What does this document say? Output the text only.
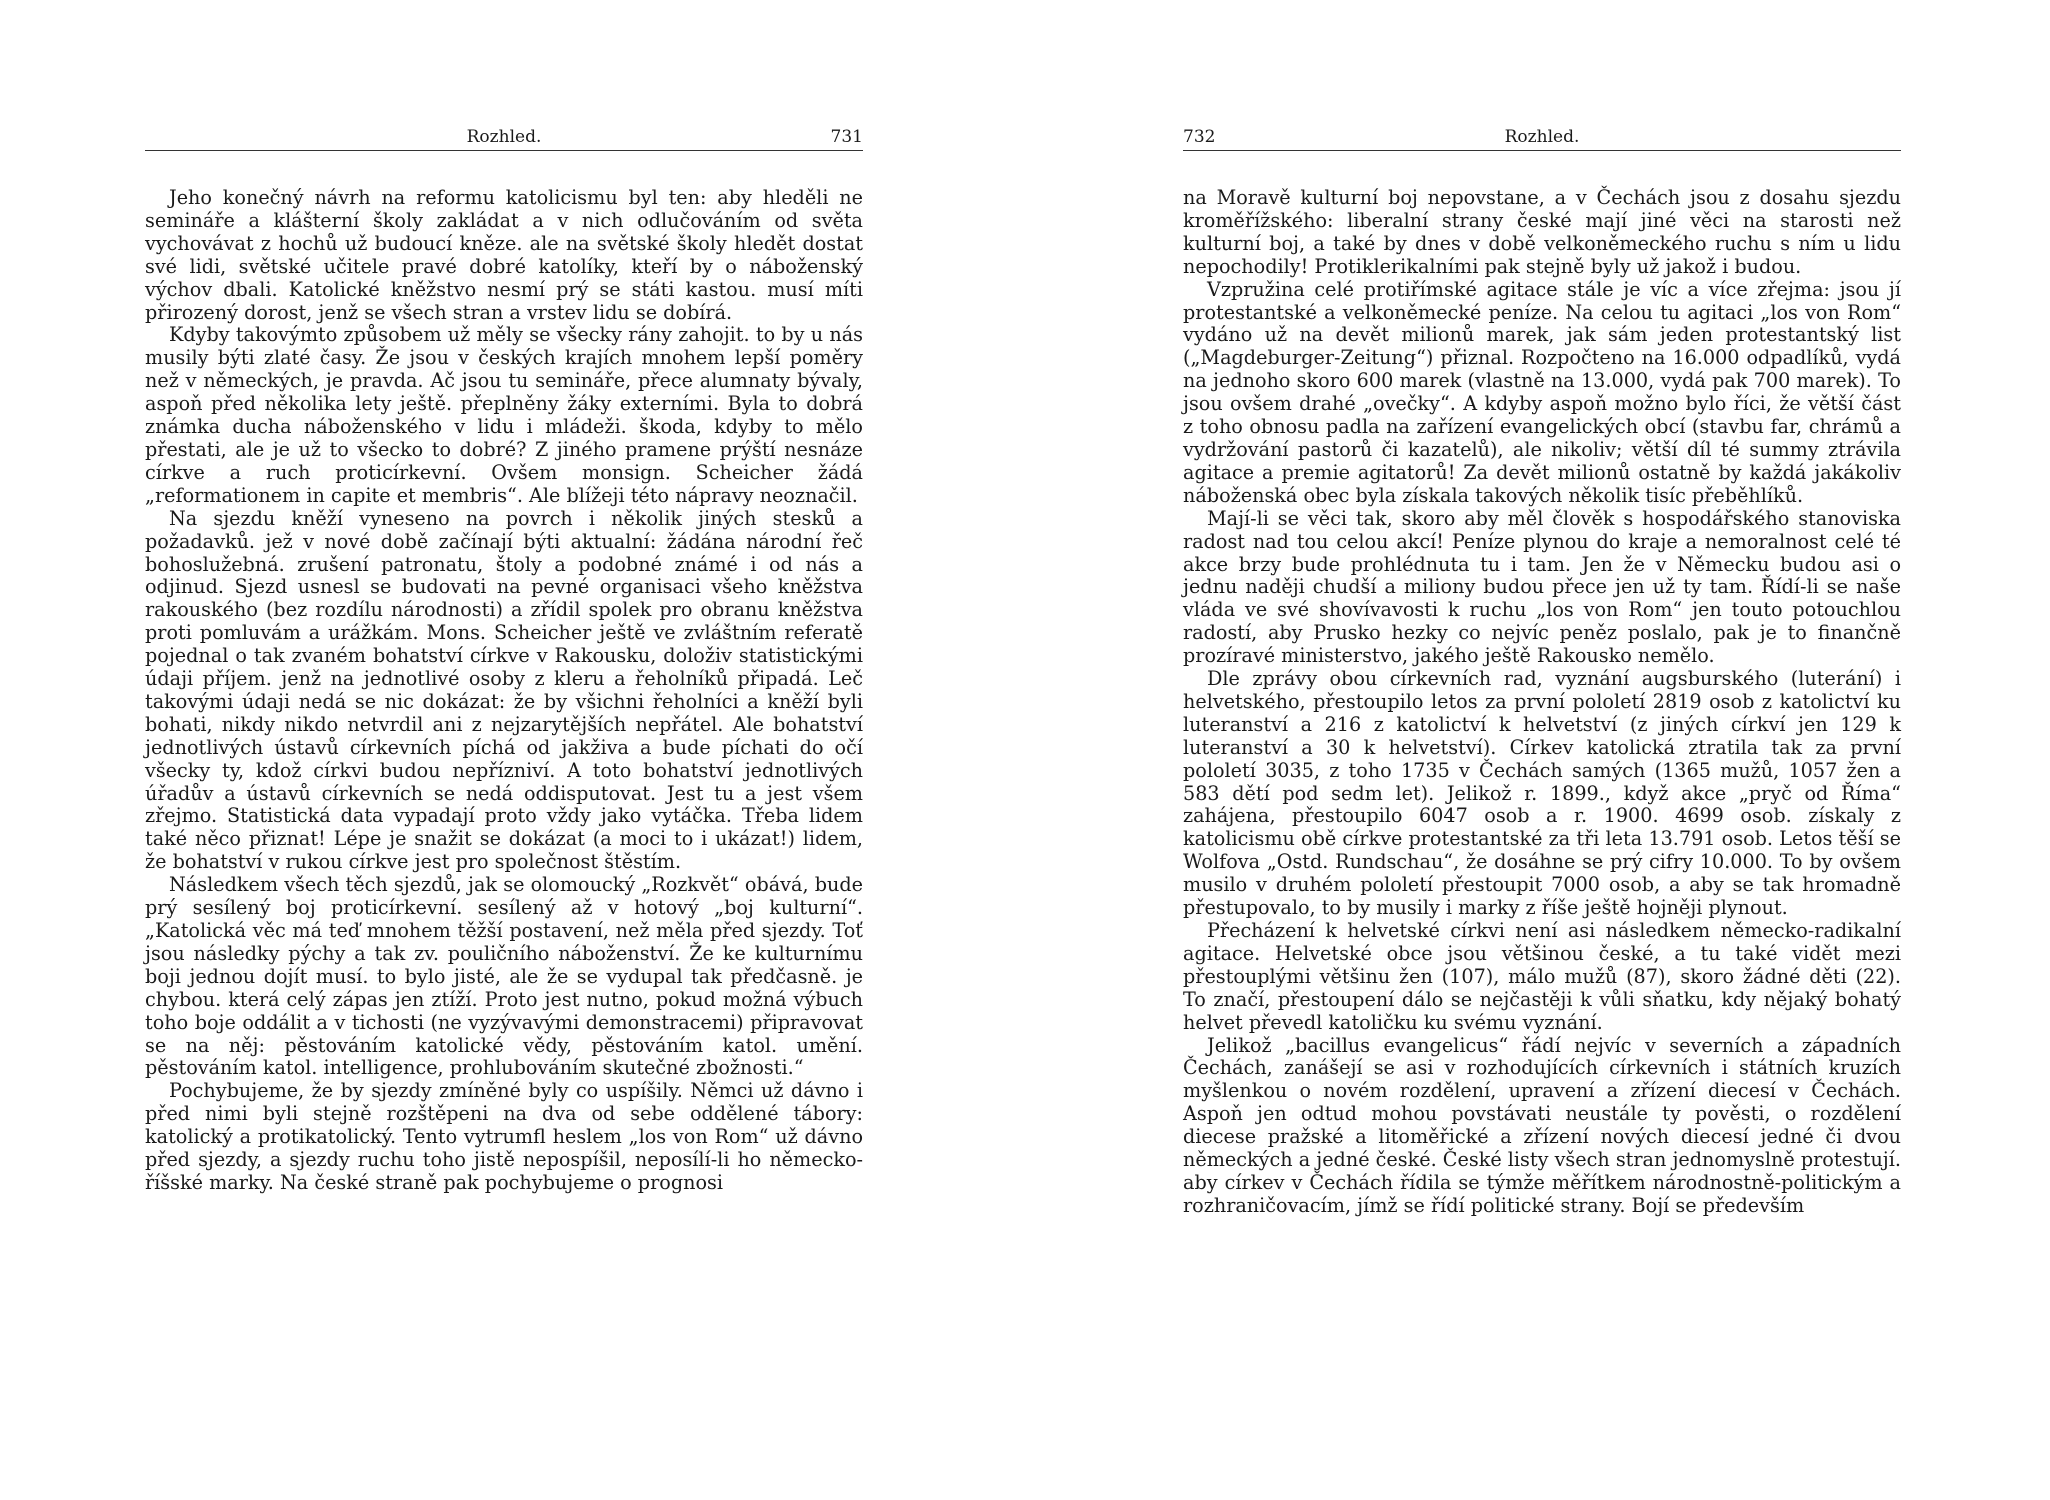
Rozhled.	731

Jeho konečný návrh na reformu katolicismu byl ten: aby hleděli ne semináře a klášterní školy zakládat a v nich odlučováním od světa vychovávat z hochů už budoucí kněze. ale na světské školy hledět dostat své lidi, světské učitele pravé dobré katolíky, kteří by o náboženský výchov dbali. Katolické kněžstvo nesmí prý se státi kastou. musí míti přirozený dorost, jenž se všech stran a vrstev lidu se dobírá.

Kdyby takovýmto způsobem už měly se všecky rány zahojit. to by u nás musily býti zlaté časy. Že jsou v českých krajích mnohem lepší poměry než v německých, je pravda. Ač jsou tu semináře, přece alumnaty bývaly, aspoň před několika lety ještě. přeplněny žáky externími. Byla to dobrá známka ducha náboženského v lidu i mládeži. škoda, kdyby to mělo přestati, ale je už to všecko to dobré? Z jiného pramene prýští nesnáze církve a ruch proticírkevní. Ovšem monsign. Scheicher žádá „reformationem in capite et membris“. Ale blížeji této nápravy neoznačil.

Na sjezdu kněží vyneseno na povrch i několik jiných stesků a požadavků. jež v nové době začínají býti aktualní: žádána národní řeč bohoslužebná. zrušení patronatu, štoly a podobné známé i od nás a odjinud. Sjezd usnesl se budovati na pevné organisaci všeho kněžstva rakouského (bez rozdílu národnosti) a zřídil spolek pro obranu kněžstva proti pomluvám a urážkám. Mons. Scheicher ještě ve zvláštním referatě pojednal o tak zvaném bohatství církve v Rakousku, doloživ statistickými údaji příjem. jenž na jednotlivé osoby z kleru a řeholníků připadá. Leč takovými údaji nedá se nic dokázat: že by všichni řeholníci a kněží byli bohati, nikdy nikdo netvrdil ani z nejzarytějších nepřátel. Ale bohatství jednotlivých ústavů církevních píchá od jakživa a bude píchati do očí všecky ty, kdož církvi budou nepřízniví. A toto bohatství jednotlivých úřadův a ústavů církevních se nedá oddisputovat. Jest tu a jest všem zřejmo. Statistická data vypadají proto vždy jako vytáčka. Třeba lidem také něco přiznat! Lépe je snažit se dokázat (a moci to i ukázat!) lidem, že bohatství v rukou církve jest pro společnost štěstím.

Následkem všech těch sjezdů, jak se olomoucký „Rozkvět“ obává, bude prý sesílený boj proticírkevní. sesílený až v hotový „boj kulturní“. „Katolická věc má teď mnohem těžší postavení, než měla před sjezdy. Toť jsou následky pýchy a tak zv. pouličního náboženství. Že ke kulturnímu boji jednou dojít musí. to bylo jisté, ale že se vydupal tak předčasně. je chybou. která celý zápas jen ztíží. Proto jest nutno, pokud možná výbuch toho boje oddálit a v tichosti (ne vyzývavými demonstracemi) připravovat se na něj: pěstováním katolické vědy, pěstováním katol. umění. pěstováním katol. intelligence, prohlubováním skutečné zbožnosti.“

Pochybujeme, že by sjezdy zmíněné byly co uspíšily. Němci už dávno i před nimi byli stejně rozštěpeni na dva od sebe oddělené tábory: katolický a protikatolický. Tento vytrumfl heslem „los von Rom“ už dávno před sjezdy, a sjezdy ruchu toho jistě nepospíšil, neposílí-li ho německo-říšské marky. Na české straně pak pochybujeme o prognosi

732	Rozhled.

na Moravě kulturní boj nepovstane, a v Čechách jsou z dosahu sjezdu kroměřížského: liberalní strany české mají jiné věci na starosti než kulturní boj, a také by dnes v době velkoněmeckého ruchu s ním u lidu nepochodily! Protiklerikalními pak stejně byly už jakož i budou.

Vzpružina celé protiřímské agitace stále je víc a více zřejma: jsou jí protestantské a velkoněmecké peníze. Na celou tu agitaci „los von Rom“ vydáno už na devět milionů marek, jak sám jeden protestantský list („Magdeburger-Zeitung“) přiznal. Rozpočteno na 16.000 odpadlíků, vydá na jednoho skoro 600 marek (vlastně na 13.000, vydá pak 700 marek). To jsou ovšem drahé „ovečky“. A kdyby aspoň možno bylo říci, že větší část z toho obnosu padla na zařízení evangelických obcí (stavbu far, chrámů a vydržování pastorů či kazatelů), ale nikoliv; větší díl té summy ztrávila agitace a premie agitatorů! Za devět milionů ostatně by každá jakákoliv náboženská obec byla získala takových několik tisíc přeběhlíků.

Mají-li se věci tak, skoro aby měl člověk s hospodářského stanoviska radost nad tou celou akcí! Peníze plynou do kraje a nemoralnost celé té akce brzy bude prohlédnuta tu i tam. Jen že v Německu budou asi o jednu naději chudší a miliony budou přece jen už ty tam. Řídí-li se naše vláda ve své shovívavosti k ruchu „los von Rom“ jen touto potouchlou radostí, aby Prusko hezky co nejvíc peněz poslalo, pak je to finančně prozíravé ministerstvo, jakého ještě Rakousko nemělo.

Dle zprávy obou církevních rad, vyznání augsburského (luterání) i helvetského, přestoupilo letos za první pololetí 2819 osob z katolictví ku luteranství a 216 z katolictví k helvetství (z jiných církví jen 129 k luteranství a 30 k helvetství). Církev katolická ztratila tak za první pololetí 3035, z toho 1735 v Čechách samých (1365 mužů, 1057 žen a 583 dětí pod sedm let). Jelikož r. 1899., když akce „pryč od Říma“ zahájena, přestoupilo 6047 osob a r. 1900. 4699 osob. získaly z katolicismu obě církve protestantské za tři leta 13.791 osob. Letos těší se Wolfova „Ostd. Rundschau“, že dosáhne se prý cifry 10.000. To by ovšem musilo v druhém pololetí přestoupit 7000 osob, a aby se tak hromadně přestupovalo, to by musily i marky z říše ještě hojněji plynout.

Přecházení k helvetské církvi není asi následkem německo-radikalní agitace. Helvetské obce jsou většinou české, a tu také vidět mezi přestouplými většinu žen (107), málo mužů (87), skoro žádné děti (22). To značí, přestoupení dálo se nejčastěji k vůli sňatku, kdy nějaký bohatý helvet převedl katoličku ku svému vyznání.

Jelikož „bacillus evangelicus“ řádí nejvíc v severních a západních Čechách, zanášejí se asi v rozhodujících církevních i státních kruzích myšlenkou o novém rozdělení, upravení a zřízení diecesí v Čechách. Aspoň jen odtud mohou povstávati neustále ty pověsti, o rozdělení diecese pražské a litoměřické a zřízení nových diecesí jedné či dvou německých a jedné české. České listy všech stran jednomyslně protestují. aby církev v Čechách řídila se týmže měřítkem národnostně-politickým a rozhraničovacím, jímž se řídí politické strany. Bojí se především
